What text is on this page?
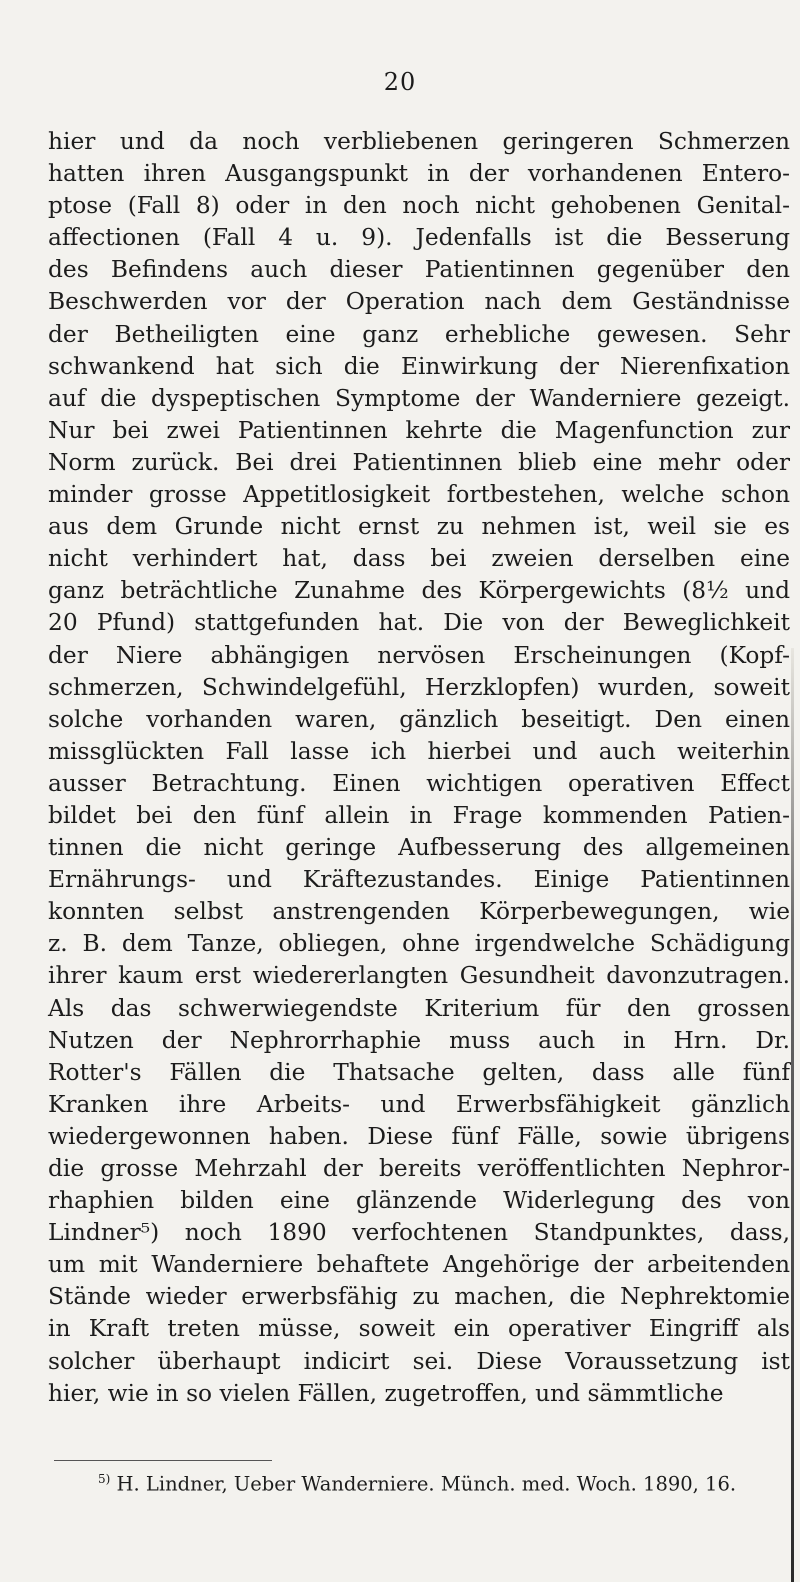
20
hier und da noch verbliebenen geringeren Schmerzen
hatten ihren Ausgangspunkt in der vorhandenen Entero-
ptose (Fall 8) oder in den noch nicht gehobenen Genital-
affectionen (Fall 4 u. 9). Jedenfalls ist die Besserung
des Befindens auch dieser Patientinnen gegenüber den
Beschwerden vor der Operation nach dem Geständnisse
der Betheiligten eine ganz erhebliche gewesen. Sehr
schwankend hat sich die Einwirkung der Nierenfixation
auf die dyspeptischen Symptome der Wanderniere gezeigt.
Nur bei zwei Patientinnen kehrte die Magenfunction zur
Norm zurück. Bei drei Patientinnen blieb eine mehr oder
minder grosse Appetitlosigkeit fortbestehen, welche schon
aus dem Grunde nicht ernst zu nehmen ist, weil sie es
nicht verhindert hat, dass bei zweien derselben eine
ganz beträchtliche Zunahme des Körpergewichts (8½ und
20 Pfund) stattgefunden hat. Die von der Beweglichkeit
der Niere abhängigen nervösen Erscheinungen (Kopf-
schmerzen, Schwindelgefühl, Herzklopfen) wurden, soweit
solche vorhanden waren, gänzlich beseitigt. Den einen
missglückten Fall lasse ich hierbei und auch weiterhin
ausser Betrachtung. Einen wichtigen operativen Effect
bildet bei den fünf allein in Frage kommenden Patien-
tinnen die nicht geringe Aufbesserung des allgemeinen
Ernährungs- und Kräftezustandes. Einige Patientinnen
konnten selbst anstrengenden Körperbewegungen, wie
z. B. dem Tanze, obliegen, ohne irgendwelche Schädigung
ihrer kaum erst wiedererlangten Gesundheit davonzutragen.
Als das schwerwiegendste Kriterium für den grossen
Nutzen der Nephrorrhaphie muss auch in Hrn. Dr.
Rotter's Fällen die Thatsache gelten, dass alle fünf
Kranken ihre Arbeits- und Erwerbsfähigkeit gänzlich
wiedergewonnen haben. Diese fünf Fälle, sowie übrigens
die grosse Mehrzahl der bereits veröffentlichten Nephror-
rhaphien bilden eine glänzende Widerlegung des von
Lindner⁵) noch 1890 verfochtenen Standpunktes, dass,
um mit Wanderniere behaftete Angehörige der arbeitenden
Stände wieder erwerbsfähig zu machen, die Nephrektomie
in Kraft treten müsse, soweit ein operativer Eingriff als
solcher überhaupt indicirt sei. Diese Voraussetzung ist
hier, wie in so vielen Fällen, zugetroffen, und sämmtliche
$^{5)}$ H. Lindner, Ueber Wanderniere. Münch. med. Woch. 1890, 16.
